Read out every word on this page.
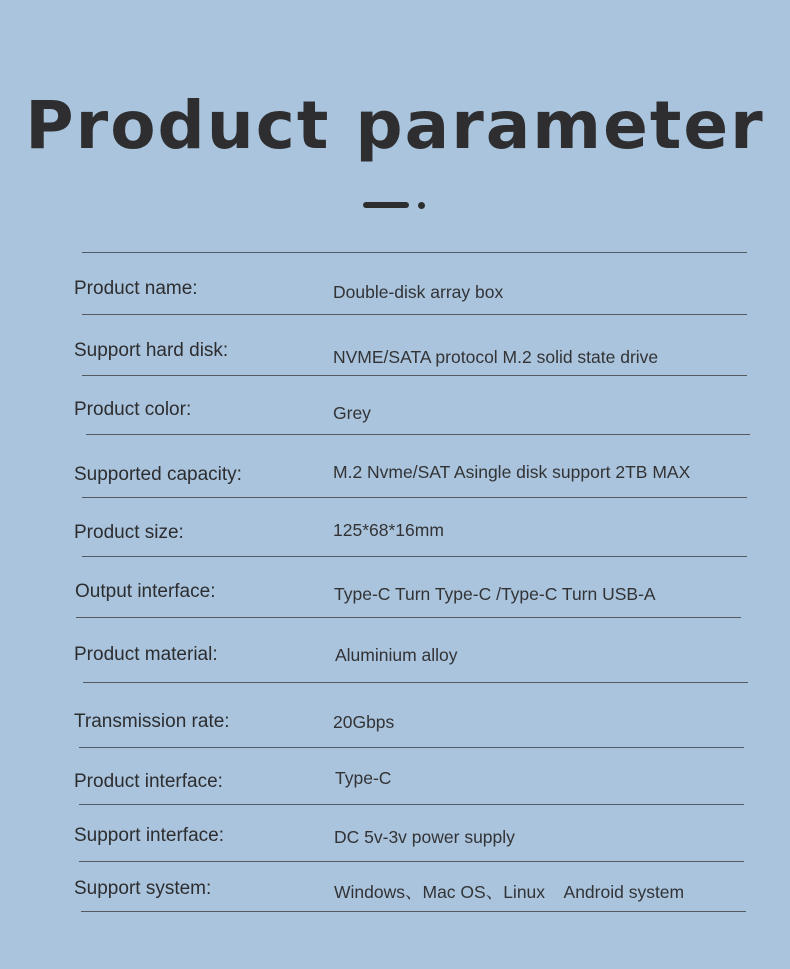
Product parameter
Product name:	Double-disk array box
Support hard disk:	NVME/SATA protocol M.2 solid state drive
Product color:	Grey
Supported capacity:	M.2 Nvme/SAT Asingle disk support 2TB MAX
Product size:	125*68*16mm
Output interface:	Type-C Turn Type-C /Type-C Turn USB-A
Product material:	Aluminium alloy
Transmission rate:	20Gbps
Product interface:	Type-C
Support interface:	DC 5v-3v power supply
Support system:	Windows、Mac OS、Linux    Android system
